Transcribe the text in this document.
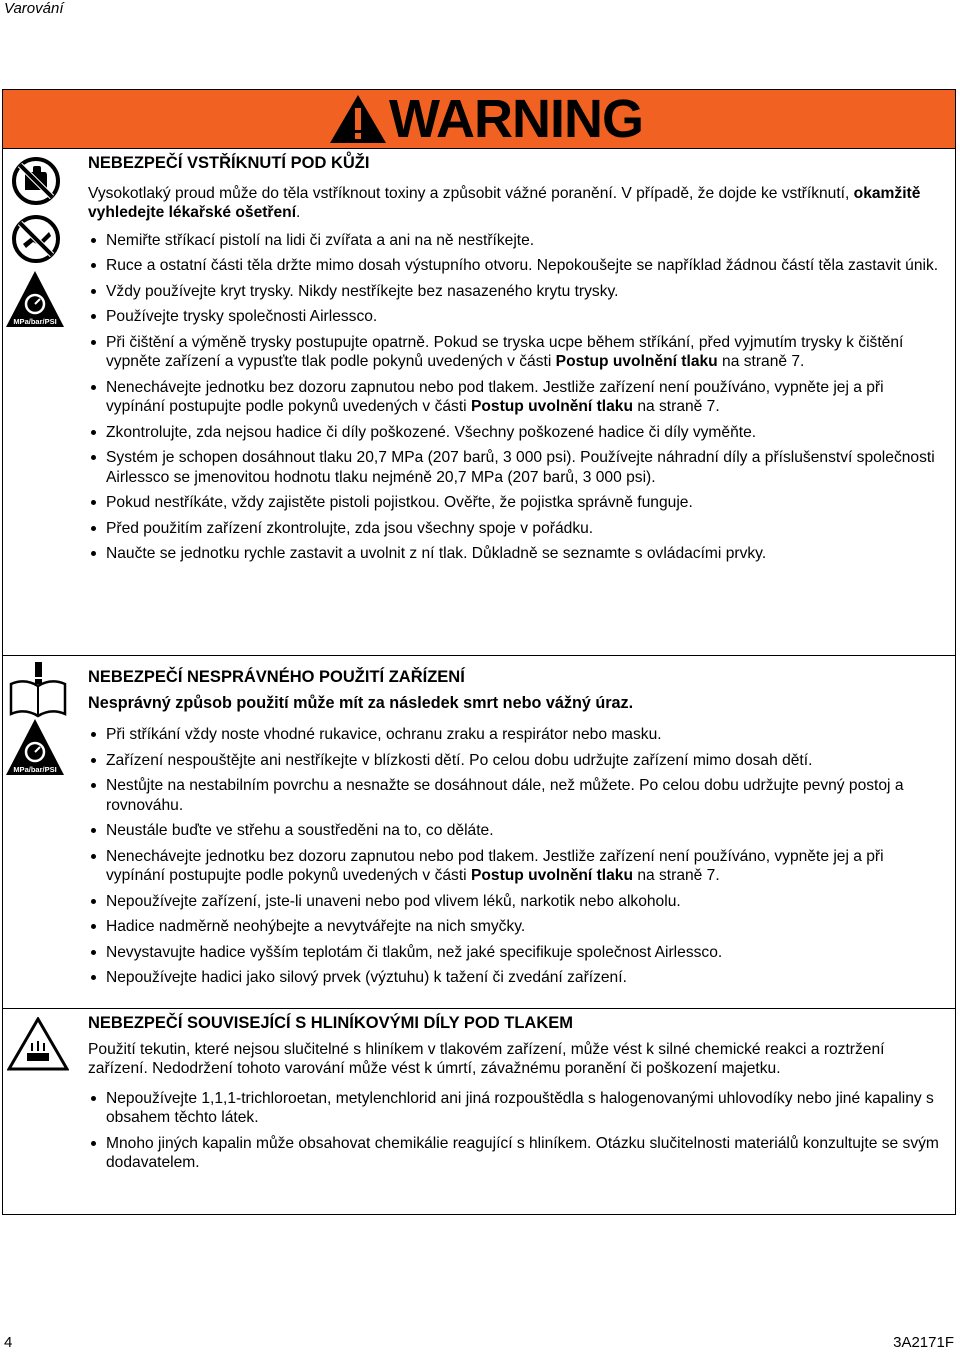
Varování
WARNING
MPa/bar/PSI

NEBEZPEČÍ VSTŘÍKNUTÍ POD KŮŽI

Vysokotlaký proud může do těla vstříknout toxiny a způsobit vážné poranění. V případě, že dojde ke vstříknutí, okamžitě vyhledejte lékařské ošetření.

Nemiřte stříkací pistolí na lidi či zvířata a ani na ně nestříkejte.
Ruce a ostatní části těla držte mimo dosah výstupního otvoru. Nepokoušejte se například žádnou částí těla zastavit únik.
Vždy používejte kryt trysky. Nikdy nestříkejte bez nasazeného krytu trysky.
Používejte trysky společnosti Airlessco.
Při čištění a výměně trysky postupujte opatrně. Pokud se tryska ucpe během stříkání, před vyjmutím trysky k čištění vypněte zařízení a vypusťte tlak podle pokynů uvedených v části Postup uvolnění tlaku na straně 7.
Nenechávejte jednotku bez dozoru zapnutou nebo pod tlakem. Jestliže zařízení není používáno, vypněte jej a při vypínání postupujte podle pokynů uvedených v části Postup uvolnění tlaku na straně 7.
Zkontrolujte, zda nejsou hadice či díly poškozené. Všechny poškozené hadice či díly vyměňte.
Systém je schopen dosáhnout tlaku 20,7 MPa (207 barů, 3 000 psi). Používejte náhradní díly a příslušenství společnosti Airlessco se jmenovitou hodnotu tlaku nejméně 20,7 MPa (207 barů, 3 000 psi).
Pokud nestříkáte, vždy zajistěte pistoli pojistkou. Ověřte, že pojistka správně funguje.
Před použitím zařízení zkontrolujte, zda jsou všechny spoje v pořádku.
Naučte se jednotku rychle zastavit a uvolnit z ní tlak. Důkladně se seznamte s ovládacími prvky.
MPa/bar/PSI

NEBEZPEČÍ NESPRÁVNÉHO POUŽITÍ ZAŘÍZENÍ

Nesprávný způsob použití může mít za následek smrt nebo vážný úraz.

Při stříkání vždy noste vhodné rukavice, ochranu zraku a respirátor nebo masku.
Zařízení nespouštějte ani nestříkejte v blízkosti dětí. Po celou dobu udržujte zařízení mimo dosah dětí.
Nestůjte na nestabilním povrchu a nesnažte se dosáhnout dále, než můžete. Po celou dobu udržujte pevný postoj a rovnováhu.
Neustále buďte ve střehu a soustředěni na to, co děláte.
Nenechávejte jednotku bez dozoru zapnutou nebo pod tlakem. Jestliže zařízení není používáno, vypněte jej a při vypínání postupujte podle pokynů uvedených v části Postup uvolnění tlaku na straně 7.
Nepoužívejte zařízení, jste-li unaveni nebo pod vlivem léků, narkotik nebo alkoholu.
Hadice nadměrně neohýbejte a nevytvářejte na nich smyčky.
Nevystavujte hadice vyšším teplotám či tlakům, než jaké specifikuje společnost Airlessco.
Nepoužívejte hadici jako silový prvek (výztuhu) k tažení či zvedání zařízení.

NEBEZPEČÍ SOUVISEJÍCÍ S HLINÍKOVÝMI DÍLY POD TLAKEM

Použití tekutin, které nejsou slučitelné s hliníkem v tlakovém zařízení, může vést k silné chemické reakci a roztržení zařízení. Nedodržení tohoto varování může vést k úmrtí, závažnému poranění či poškození majetku.

Nepoužívejte 1,1,1-trichloroetan, metylenchlorid ani jiná rozpouštědla s halogenovanými uhlovodíky nebo jiné kapaliny s obsahem těchto látek.
Mnoho jiných kapalin může obsahovat chemikálie reagující s hliníkem. Otázku slučitelnosti materiálů konzultujte se svým dodavatelem.
4	3A2171F
